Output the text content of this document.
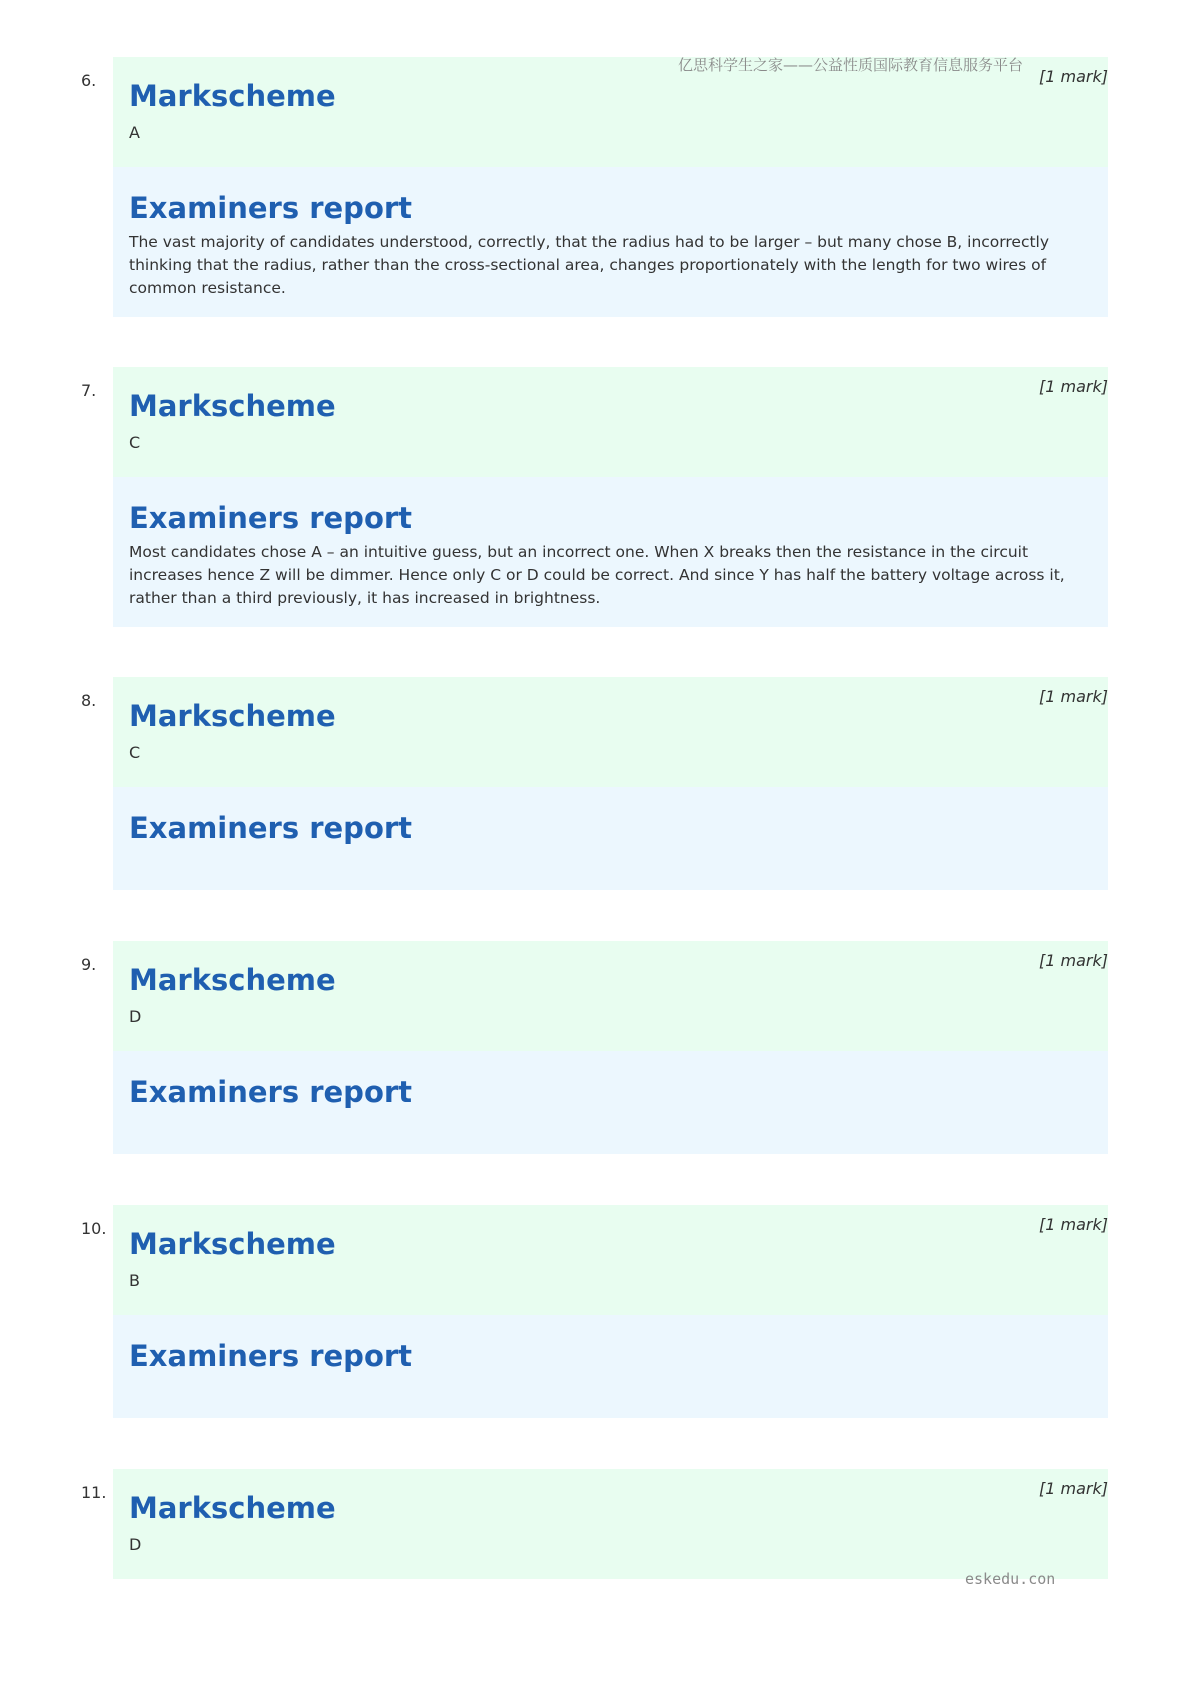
Markscheme
A
6.	[1 mark]
Examiners report
The vast majority of candidates understood, correctly, that the radius had to be larger – but many chose B, incorrectly thinking that the radius, rather than the cross-sectional area, changes proportionately with the length for two wires of common resistance.
Markscheme
C
7.	[1 mark]
Examiners report
Most candidates chose A – an intuitive guess, but an incorrect one. When X breaks then the resistance in the circuit increases hence Z will be dimmer. Hence only C or D could be correct. And since Y has half the battery voltage across it, rather than a third previously, it has increased in brightness.
Markscheme
C
8.	[1 mark]
Examiners report
Markscheme
D
9.	[1 mark]
Examiners report
Markscheme
B
10.	[1 mark]
Examiners report
Markscheme
D
11.	[1 mark]
亿思科学生之家——公益性质国际教育信息服务平台
eskedu.con
